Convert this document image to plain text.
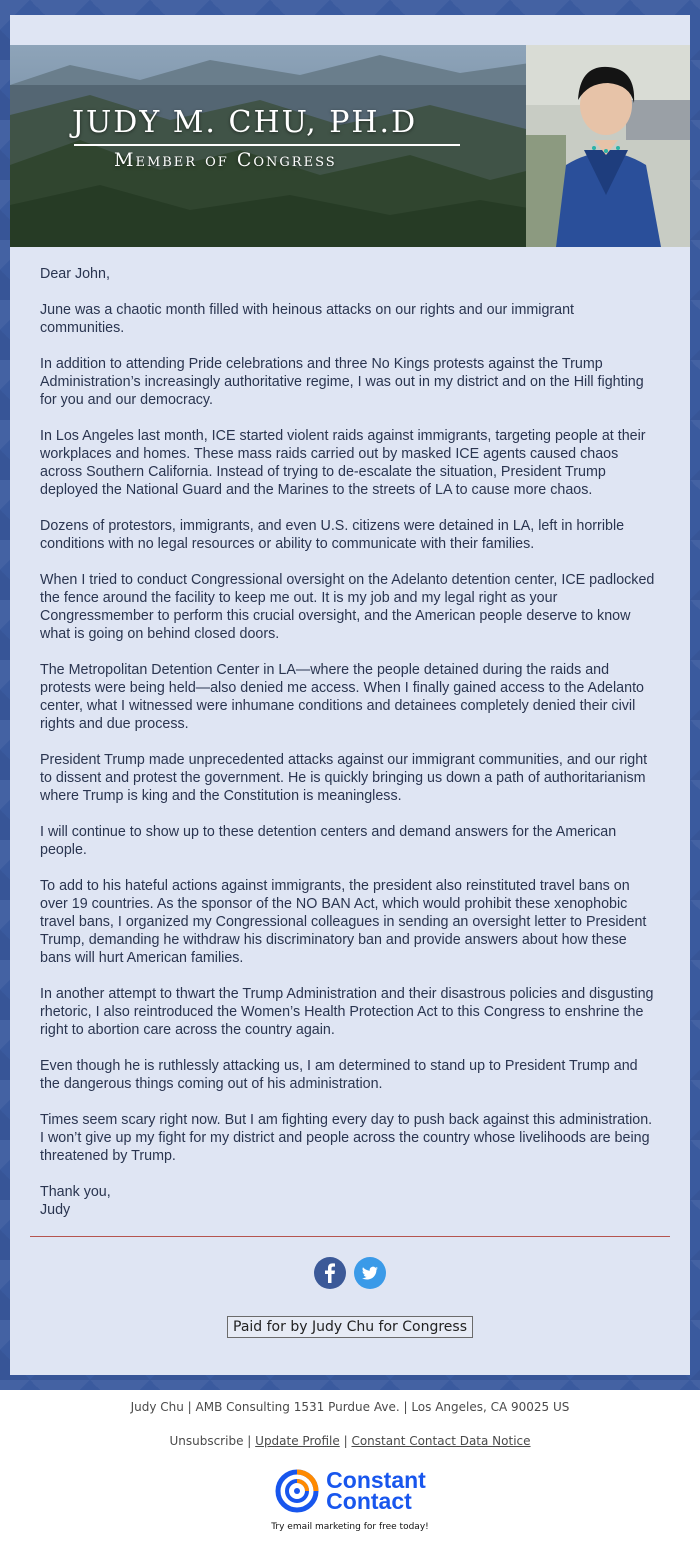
JUDY M. CHU, PH.D
Member of Congress

Dear John,

June was a chaotic month filled with heinous attacks on our rights and our immigrant communities.

In addition to attending Pride celebrations and three No Kings protests against the Trump Administration’s increasingly authoritative regime, I was out in my district and on the Hill fighting for you and our democracy.

In Los Angeles last month, ICE started violent raids against immigrants, targeting people at their workplaces and homes. These mass raids carried out by masked ICE agents caused chaos across Southern California. Instead of trying to de-escalate the situation, President Trump deployed the National Guard and the Marines to the streets of LA to cause more chaos.

Dozens of protestors, immigrants, and even U.S. citizens were detained in LA, left in horrible conditions with no legal resources or ability to communicate with their families.

When I tried to conduct Congressional oversight on the Adelanto detention center, ICE padlocked the fence around the facility to keep me out. It is my job and my legal right as your Congressmember to perform this crucial oversight, and the American people deserve to know what is going on behind closed doors.

The Metropolitan Detention Center in LA—where the people detained during the raids and protests were being held—also denied me access. When I finally gained access to the Adelanto center, what I witnessed were inhumane conditions and detainees completely denied their civil rights and due process.

President Trump made unprecedented attacks against our immigrant communities, and our right to dissent and protest the government. He is quickly bringing us down a path of authoritarianism where Trump is king and the Constitution is meaningless.

I will continue to show up to these detention centers and demand answers for the American people.

To add to his hateful actions against immigrants, the president also reinstituted travel bans on over 19 countries. As the sponsor of the NO BAN Act, which would prohibit these xenophobic travel bans, I organized my Congressional colleagues in sending an oversight letter to President Trump, demanding he withdraw his discriminatory ban and provide answers about how these bans will hurt American families.

In another attempt to thwart the Trump Administration and their disastrous policies and disgusting rhetoric, I also reintroduced the Women’s Health Protection Act to this Congress to enshrine the right to abortion care across the country again.

Even though he is ruthlessly attacking us, I am determined to stand up to President Trump and the dangerous things coming out of his administration.

Times seem scary right now. But I am fighting every day to push back against this administration. I won’t give up my fight for my district and people across the country whose livelihoods are being threatened by Trump.

Thank you,
Judy

Paid for by Judy Chu for Congress
Judy Chu | AMB Consulting 1531 Purdue Ave. | Los Angeles, CA 90025 US
Unsubscribe | Update Profile | Constant Contact Data Notice
Constant
Contact
Try email marketing for free today!
